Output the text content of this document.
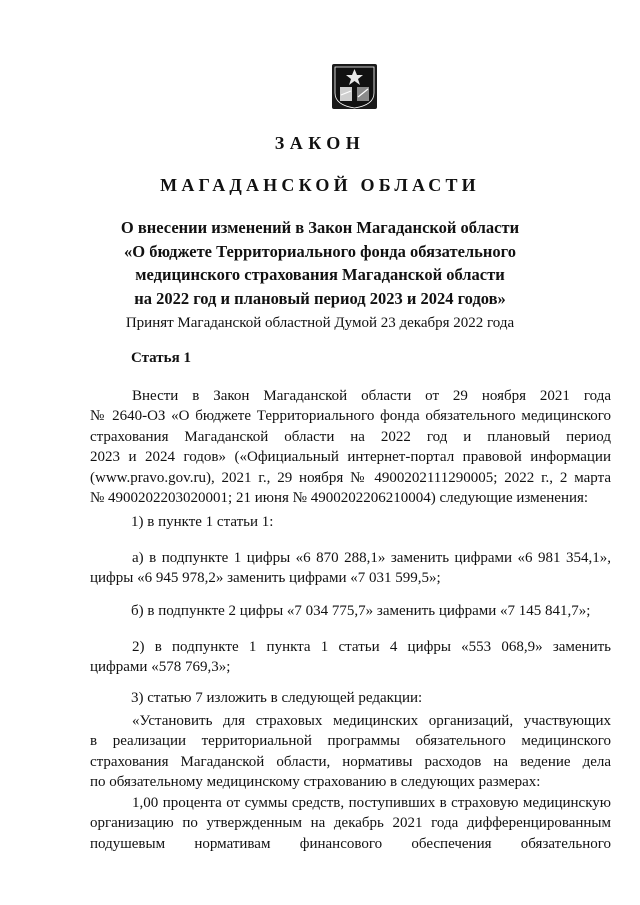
ЗАКОН
МАГАДАНСКОЙ ОБЛАСТИ
О внесении изменений в Закон Магаданской области
«О бюджете Территориального фонда обязательного
медицинского страхования Магаданской области
на 2022 год и плановый период 2023 и 2024 годов»
Принят Магаданской областной Думой 23 декабря 2022 года
Статья 1
Внести в Закон Магаданской области от 29 ноября 2021 года
№ 2640-ОЗ «О бюджете Территориального фонда обязательного медицинского
страхования Магаданской области на 2022 год и плановый период
2023 и 2024 годов» («Официальный интернет-портал правовой информации
(www.pravo.gov.ru), 2021 г., 29 ноября № 4900202111290005; 2022 г., 2 марта
№ 4900202203020001; 21 июня № 4900202206210004) следующие изменения:
1) в пункте 1 статьи 1:
а) в подпункте 1 цифры «6 870 288,1» заменить цифрами «6 981 354,1»,
цифры «6 945 978,2» заменить цифрами «7 031 599,5»;
б) в подпункте 2 цифры «7 034 775,7» заменить цифрами «7 145 841,7»;
2) в подпункте 1 пункта 1 статьи 4 цифры «553 068,9» заменить
цифрами «578 769,3»;
3) статью 7 изложить в следующей редакции:
«Установить для страховых медицинских организаций, участвующих
в реализации территориальной программы обязательного медицинского
страхования Магаданской области, нормативы расходов на ведение дела
по обязательному медицинскому страхованию в следующих размерах:
1,00 процента от суммы средств, поступивших в страховую медицинскую
организацию по утвержденным на декабрь 2021 года дифференцированным
подушевым нормативам финансового обеспечения обязательного
